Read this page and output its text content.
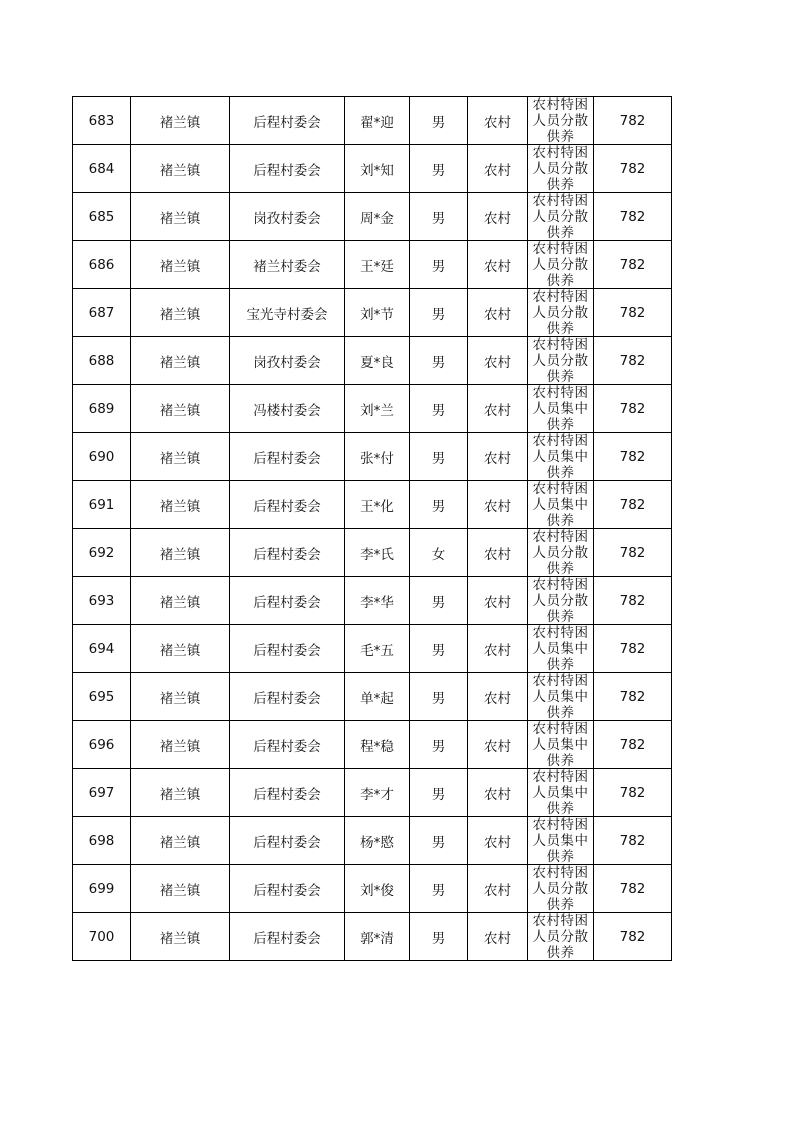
683	褚兰镇	后程村委会	翟*迎	男	农村	农村特困人员分散供养	782
684	褚兰镇	后程村委会	刘*知	男	农村	农村特困人员分散供养	782
685	褚兰镇	岗孜村委会	周*金	男	农村	农村特困人员分散供养	782
686	褚兰镇	褚兰村委会	王*廷	男	农村	农村特困人员分散供养	782
687	褚兰镇	宝光寺村委会	刘*节	男	农村	农村特困人员分散供养	782
688	褚兰镇	岗孜村委会	夏*良	男	农村	农村特困人员分散供养	782
689	褚兰镇	冯楼村委会	刘*兰	男	农村	农村特困人员集中供养	782
690	褚兰镇	后程村委会	张*付	男	农村	农村特困人员集中供养	782
691	褚兰镇	后程村委会	王*化	男	农村	农村特困人员集中供养	782
692	褚兰镇	后程村委会	李*氏	女	农村	农村特困人员分散供养	782
693	褚兰镇	后程村委会	李*华	男	农村	农村特困人员分散供养	782
694	褚兰镇	后程村委会	毛*五	男	农村	农村特困人员集中供养	782
695	褚兰镇	后程村委会	单*起	男	农村	农村特困人员集中供养	782
696	褚兰镇	后程村委会	程*稳	男	农村	农村特困人员集中供养	782
697	褚兰镇	后程村委会	李*才	男	农村	农村特困人员集中供养	782
698	褚兰镇	后程村委会	杨*愍	男	农村	农村特困人员集中供养	782
699	褚兰镇	后程村委会	刘*俊	男	农村	农村特困人员分散供养	782
700	褚兰镇	后程村委会	郭*清	男	农村	农村特困人员分散供养	782
